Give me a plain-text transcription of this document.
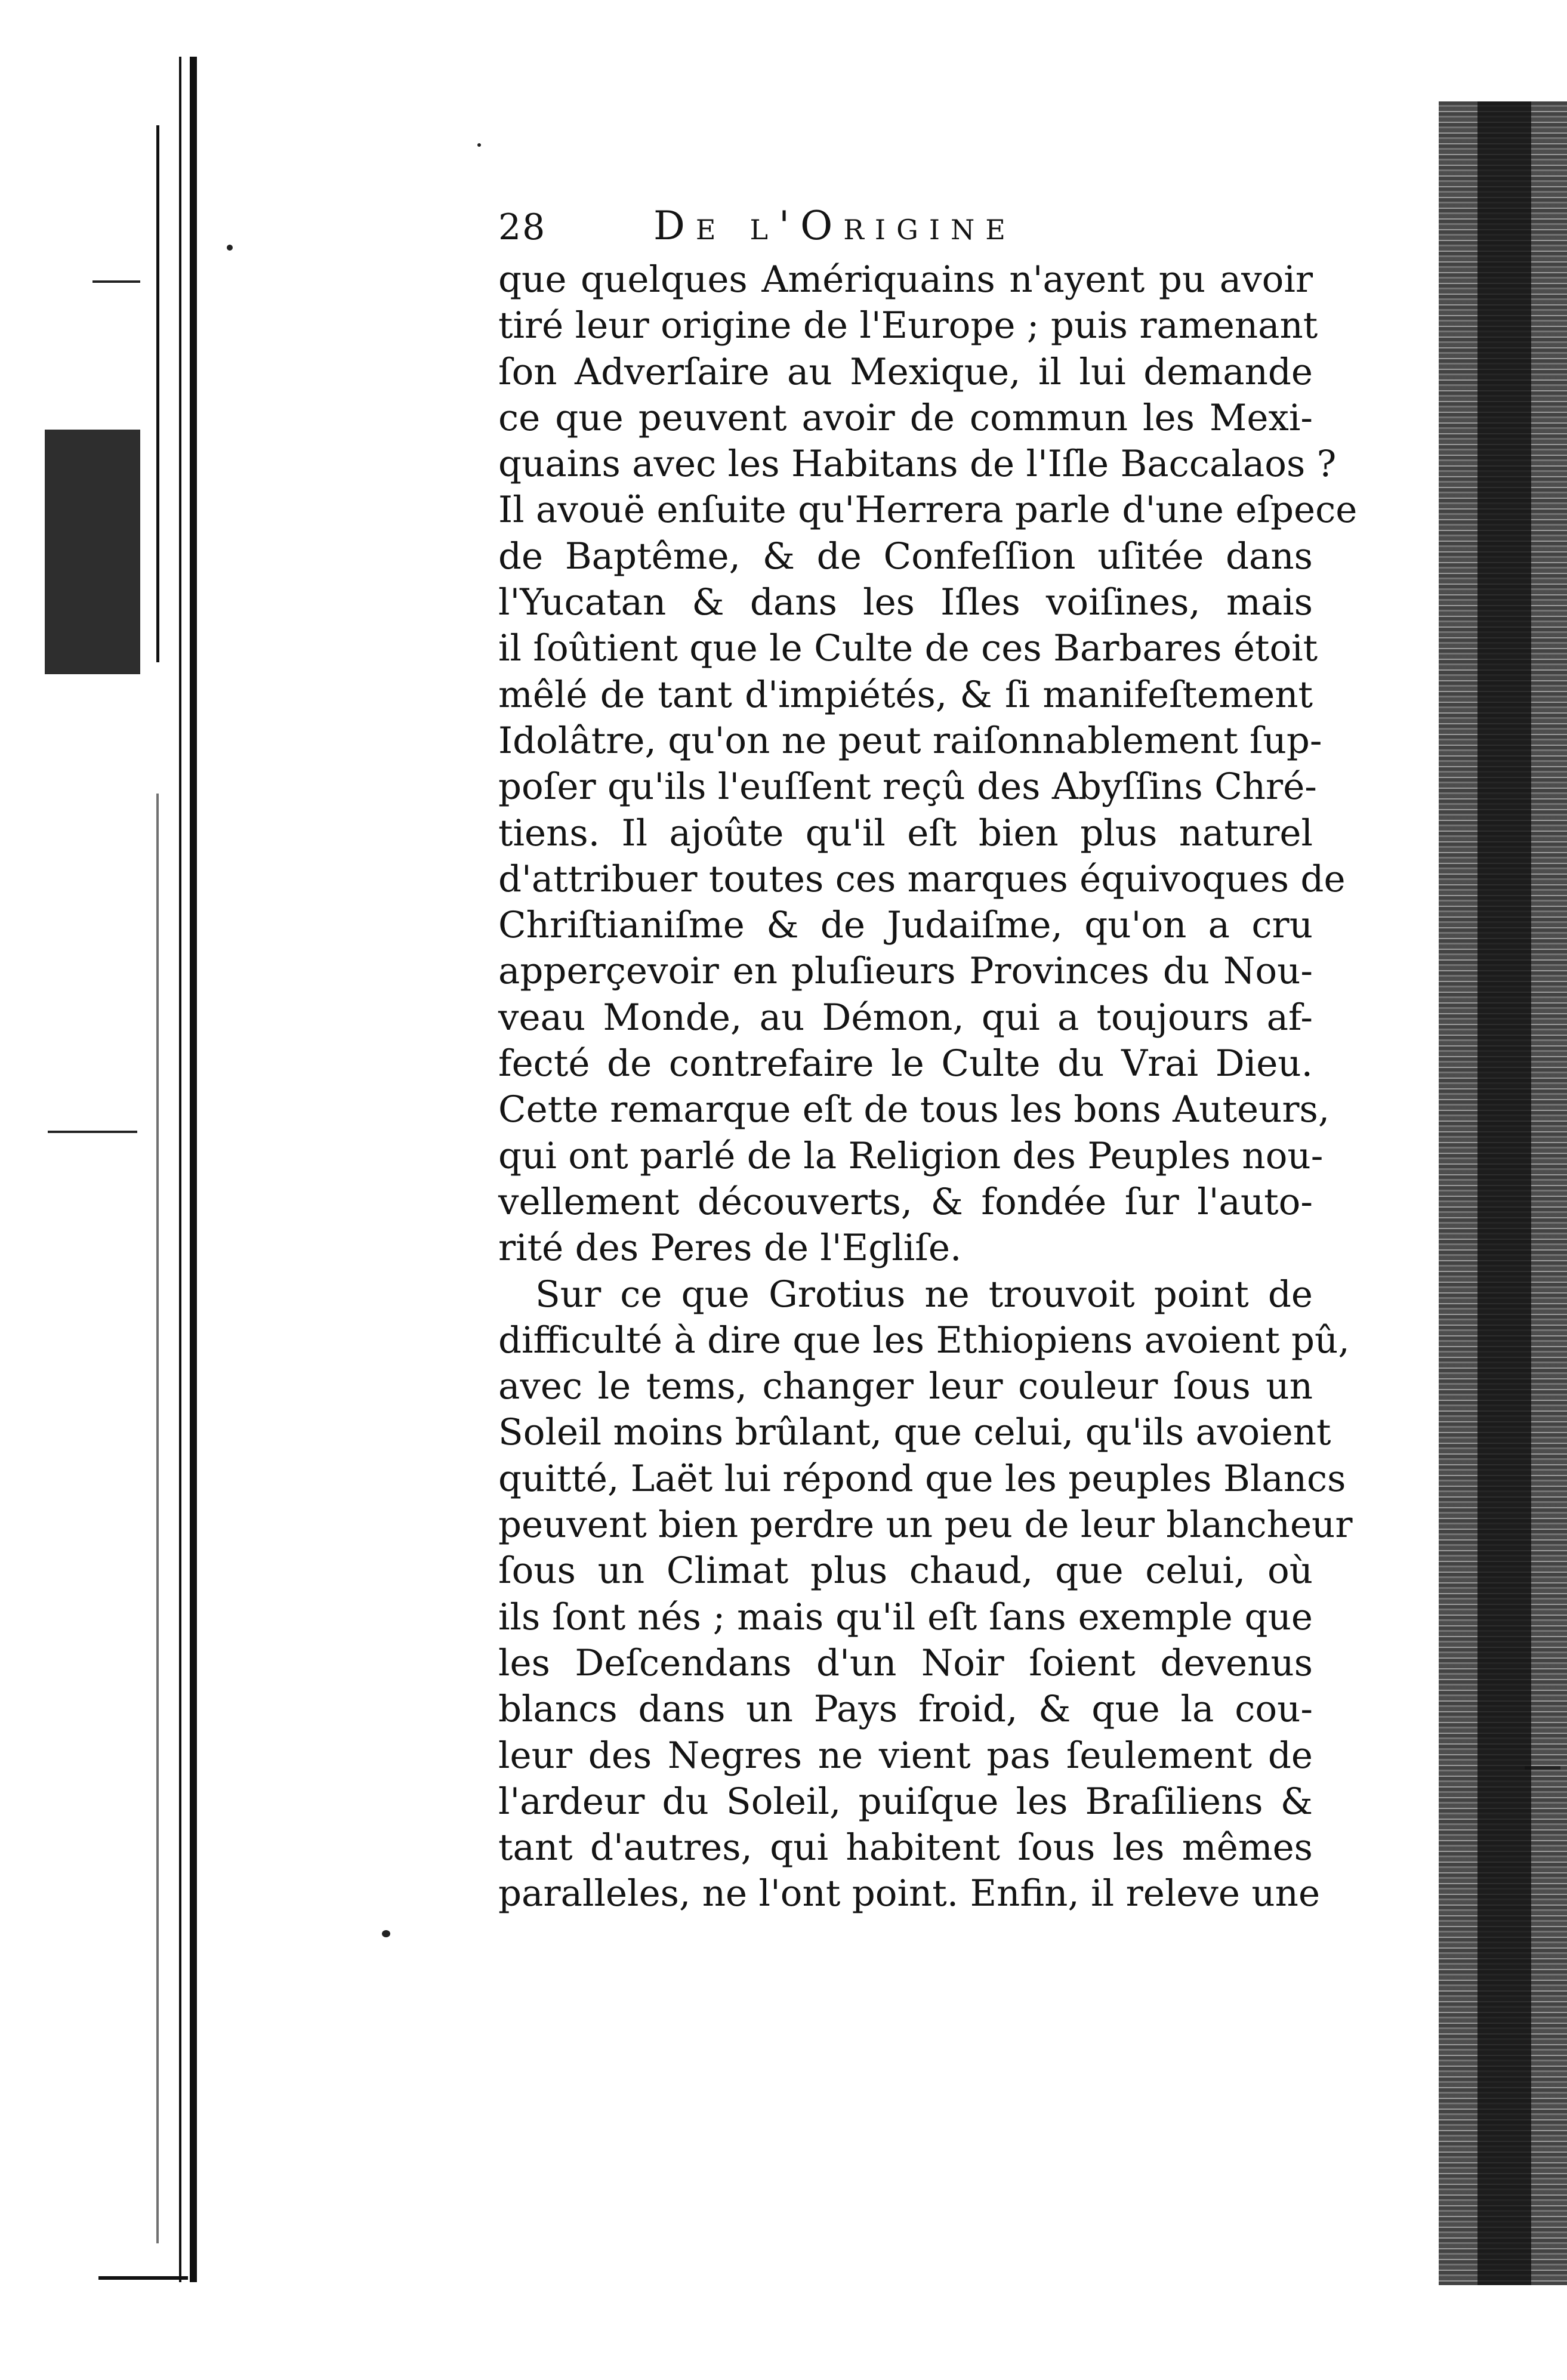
28	De l'Origine

que quelques Amériquains n'ayent pu avoir
tiré leur origine de l'Europe ; puis ramenant
ſon Adverſaire au Mexique, il lui demande
ce que peuvent avoir de commun les Mexi-
quains avec les Habitans de l'Iſle Baccalaos ?
Il avouë enſuite qu'Herrera parle d'une eſpece
de Baptême, & de Confeſſion uſitée dans
l'Yucatan & dans les Iſles voiſines, mais
il ſoûtient que le Culte de ces Barbares étoit
mêlé de tant d'impiétés, & ſi manifeſtement
Idolâtre, qu'on ne peut raiſonnablement ſup-
poſer qu'ils l'euſſent reçû des Abyſſins Chré-
tiens. Il ajoûte qu'il eſt bien plus naturel
d'attribuer toutes ces marques équivoques de
Chriſtianiſme & de Judaiſme, qu'on a cru
apperçevoir en pluſieurs Provinces du Nou-
veau Monde, au Démon, qui a toujours af-
fecté de contrefaire le Culte du Vrai Dieu.
Cette remarque eſt de tous les bons Auteurs,
qui ont parlé de la Religion des Peuples nou-
vellement découverts, & fondée ſur l'auto-
rité des Peres de l'Egliſe.

Sur ce que Grotius ne trouvoit point de
difficulté à dire que les Ethiopiens avoient pû,
avec le tems, changer leur couleur ſous un
Soleil moins brûlant, que celui, qu'ils avoient
quitté, Laët lui répond que les peuples Blancs
peuvent bien perdre un peu de leur blancheur
ſous un Climat plus chaud, que celui, où
ils ſont nés ; mais qu'il eſt ſans exemple que
les Deſcendans d'un Noir ſoient devenus
blancs dans un Pays froid, & que la cou-
leur des Negres ne vient pas ſeulement de
l'ardeur du Soleil, puiſque les Braſiliens &
tant d'autres, qui habitent ſous les mêmes
paralleles, ne l'ont point. Enfin, il releve une
